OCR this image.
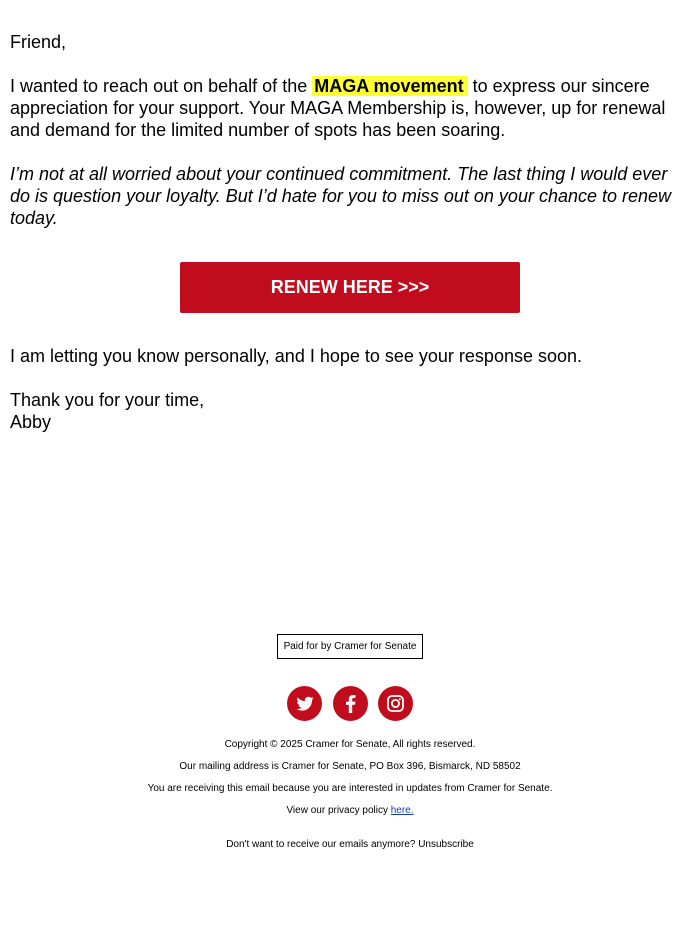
Friend,

I wanted to reach out on behalf of the MAGA movement to express our sincere appreciation for your support. Your MAGA Membership is, however, up for renewal and demand for the limited number of spots has been soaring.

I’m not at all worried about your continued commitment. The last thing I would ever do is question your loyalty. But I’d hate for you to miss out on your chance to renew today.

RENEW HERE >>>

I am letting you know personally, and I hope to see your response soon.

Thank you for your time,
Abby
Paid for by Cramer for Senate

Copyright © 2025 Cramer for Senate, All rights reserved.

Our mailing address is Cramer for Senate, PO Box 396, Bismarck, ND 58502

You are receiving this email because you are interested in updates from Cramer for Senate.

View our privacy policy here.

Don't want to receive our emails anymore? Unsubscribe
